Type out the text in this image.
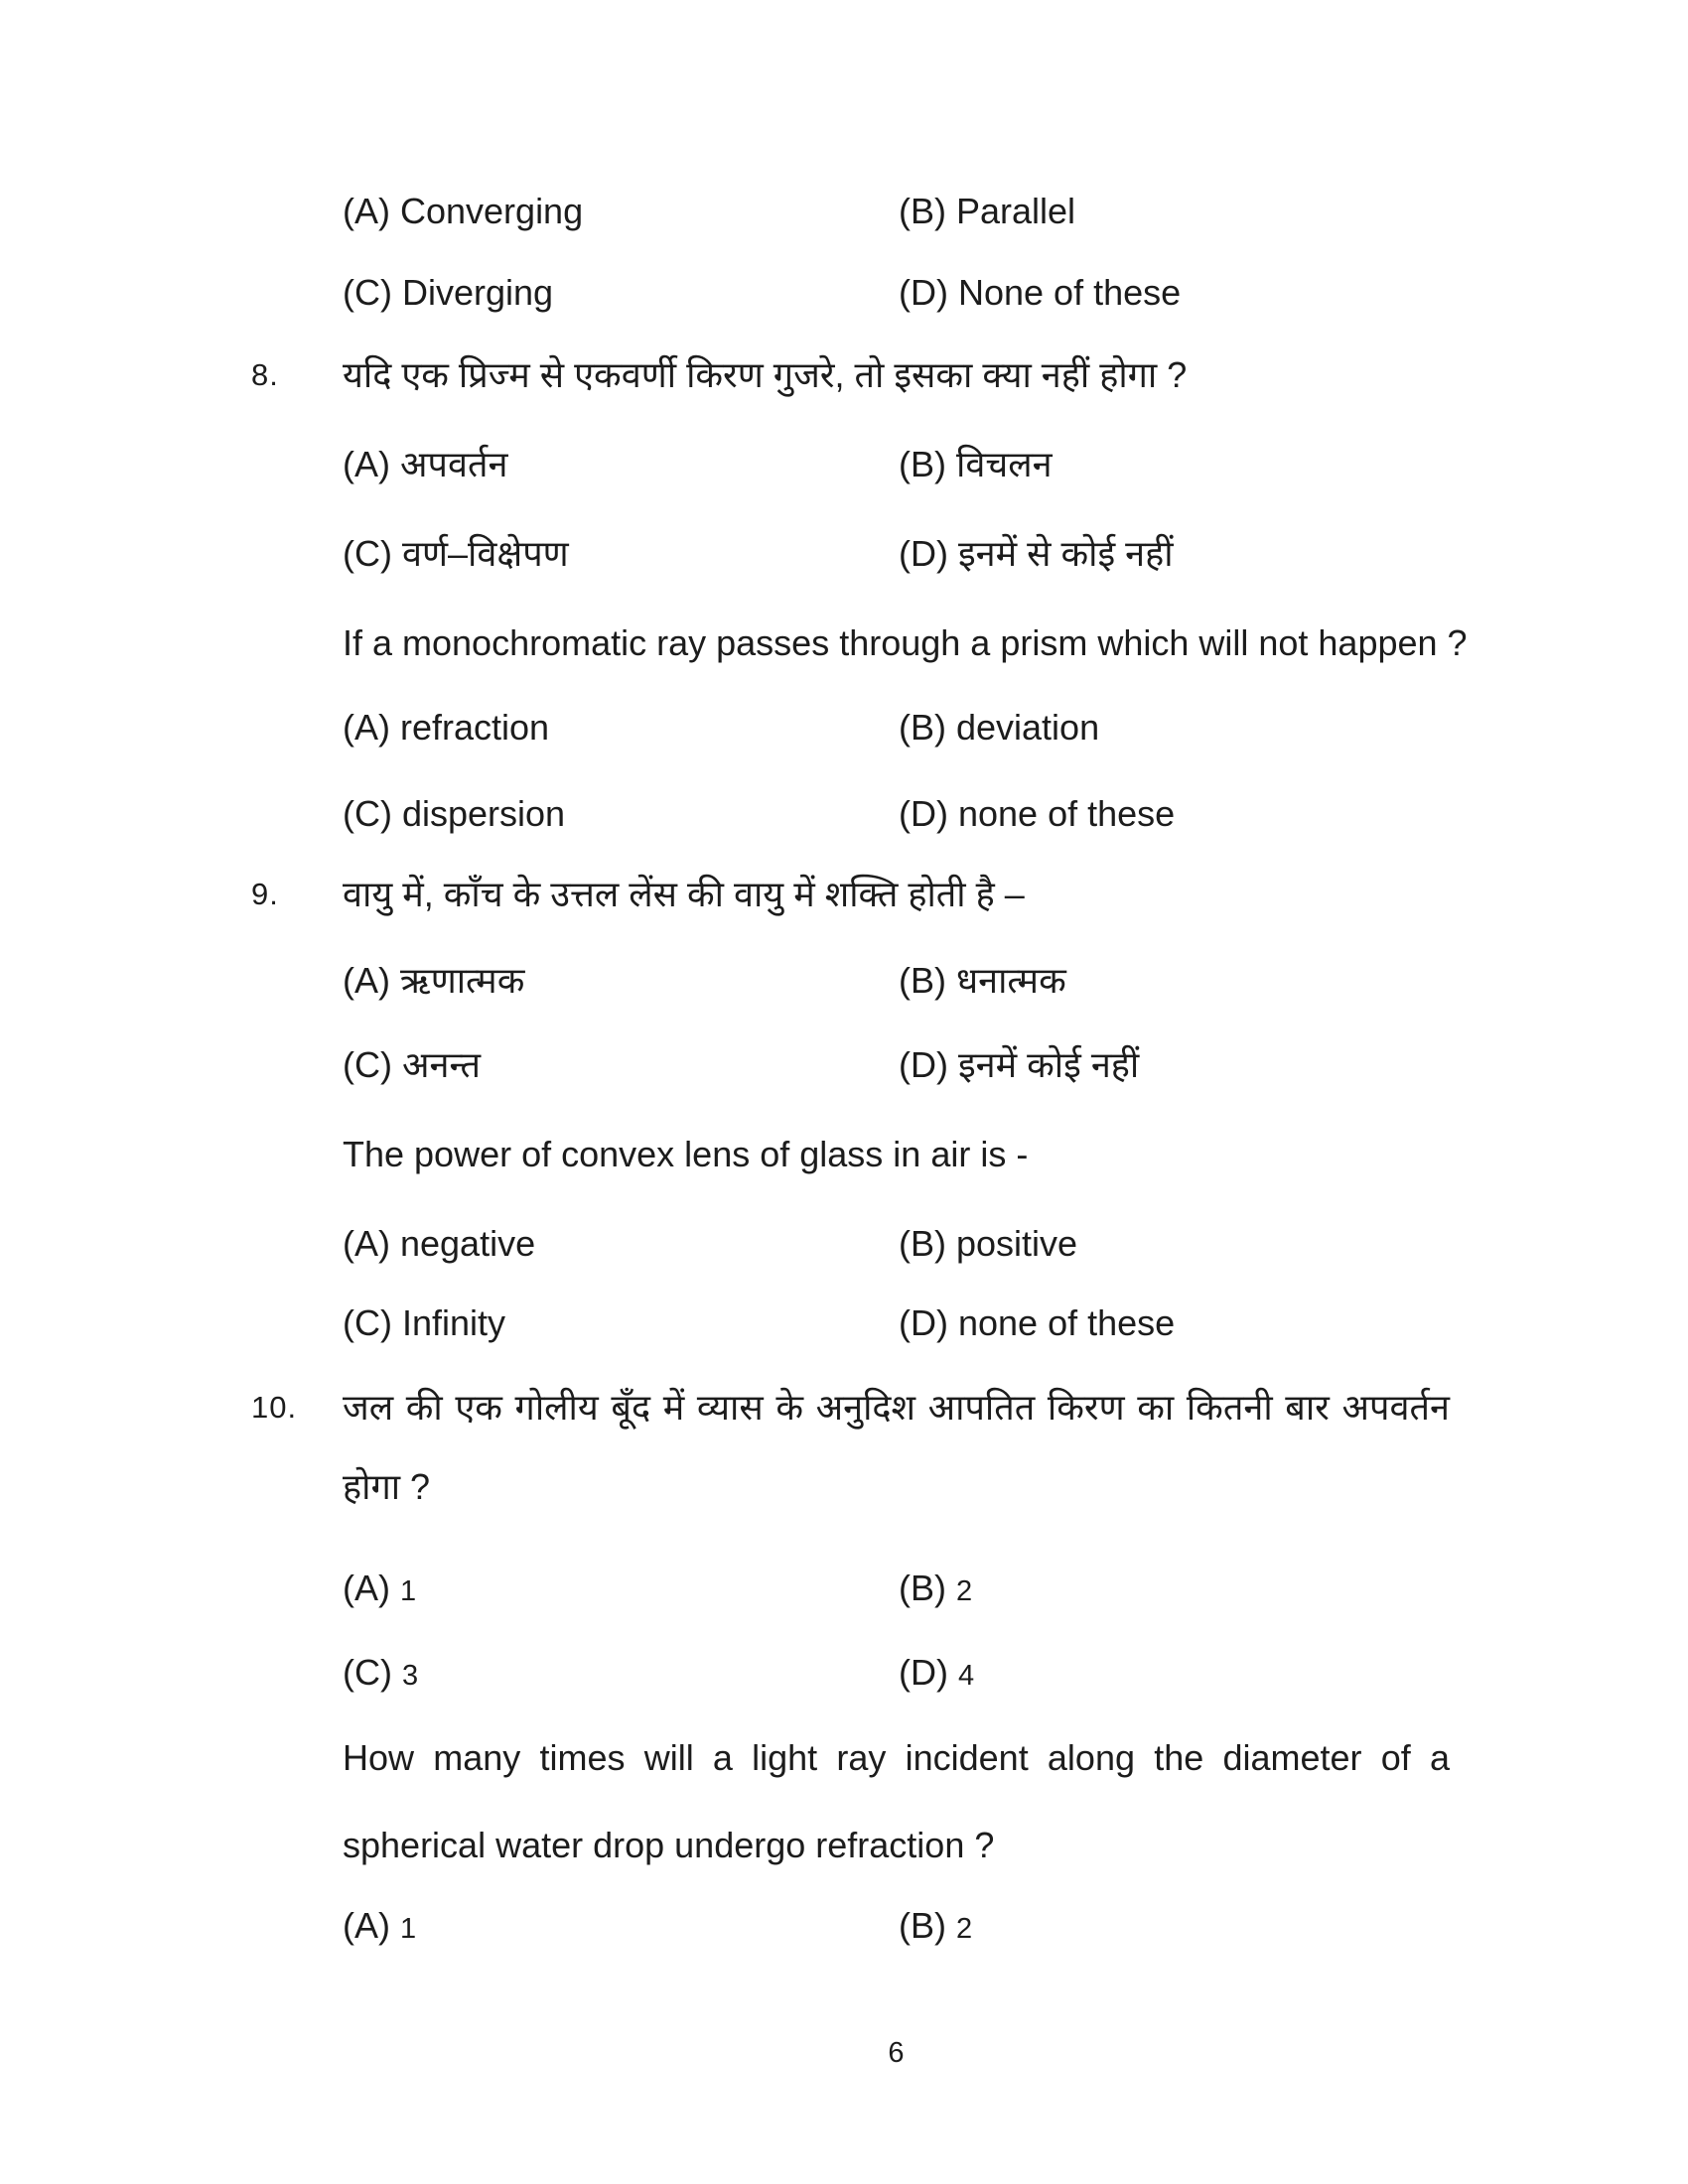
(A) Converging	(B) Parallel
(C) Diverging	(D) None of these
8. यदि एक प्रिज्म से एकवर्णी किरण गुजरे, तो इसका क्या नहीं होगा ?
(A) अपवर्तन	(B) विचलन
(C) वर्ण–विक्षेपण	(D) इनमें से कोई नहीं
If a monochromatic ray passes through a prism which will not happen ?
(A) refraction	(B) deviation
(C) dispersion	(D) none of these
9. वायु में, काँच के उत्तल लेंस की वायु में शक्ति होती है –
(A) ऋणात्मक	(B) धनात्मक
(C) अनन्त	(D) इनमें कोई नहीं
The power of convex lens of glass in air is -
(A) negative	(B) positive
(C) Infinity	(D) none of these
10. जल की एक गोलीय बूँद में व्यास के अनुदिश आपतित किरण का कितनी बार अपवर्तन
होगा ?
(A) 1	(B) 2
(C) 3	(D) 4
How many times will a light ray incident along the diameter of a
spherical water drop undergo refraction ?
(A) 1	(B) 2
6
